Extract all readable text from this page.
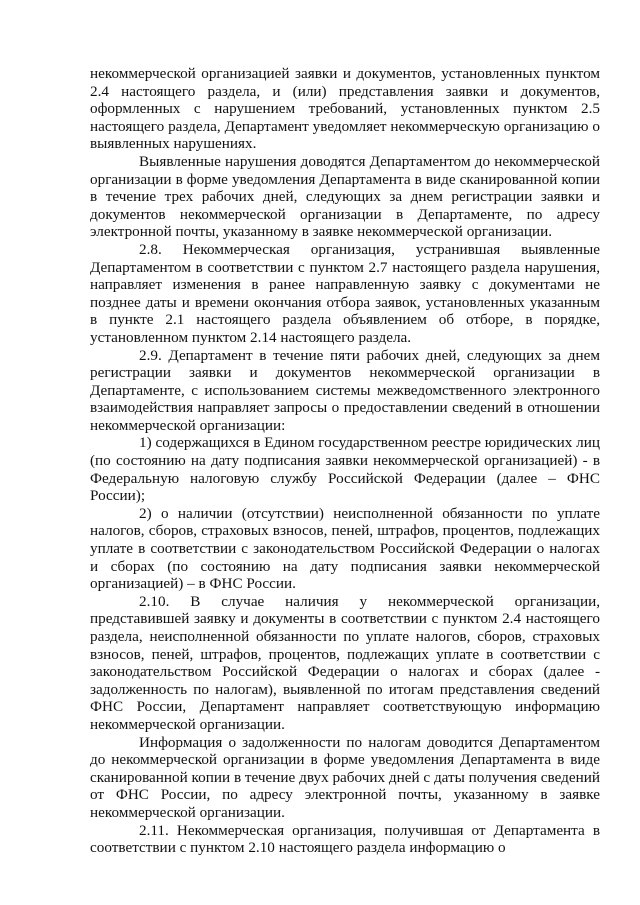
некоммерческой организацией заявки и документов, установленных пунктом 2.4 настоящего раздела, и (или) представления заявки и документов, оформленных с нарушением требований, установленных пунктом 2.5 настоящего раздела, Департамент уведомляет некоммерческую организацию о выявленных нарушениях.

Выявленные нарушения доводятся Департаментом до некоммерческой организации в форме уведомления Департамента в виде сканированной копии в течение трех рабочих дней, следующих за днем регистрации заявки и документов некоммерческой организации в Департаменте, по адресу электронной почты, указанному в заявке некоммерческой организации.

2.8. Некоммерческая организация, устранившая выявленные Департаментом в соответствии с пунктом 2.7 настоящего раздела нарушения, направляет изменения в ранее направленную заявку с документами не позднее даты и времени окончания отбора заявок, установленных указанным в пункте 2.1 настоящего раздела объявлением об отборе, в порядке, установленном пунктом 2.14 настоящего раздела.

2.9. Департамент в течение пяти рабочих дней, следующих за днем регистрации заявки и документов некоммерческой организации в Департаменте, с использованием системы межведомственного электронного взаимодействия направляет запросы о предоставлении сведений в отношении некоммерческой организации:

1) содержащихся в Едином государственном реестре юридических лиц (по состоянию на дату подписания заявки некоммерческой организацией) - в Федеральную налоговую службу Российской Федерации (далее – ФНС России);

2) о наличии (отсутствии) неисполненной обязанности по уплате налогов, сборов, страховых взносов, пеней, штрафов, процентов, подлежащих уплате в соответствии с законодательством Российской Федерации о налогах и сборах (по состоянию на дату подписания заявки некоммерческой организацией) – в ФНС России.

2.10. В случае наличия у некоммерческой организации, представившей заявку и документы в соответствии с пунктом 2.4 настоящего раздела, неисполненной обязанности по уплате налогов, сборов, страховых взносов, пеней, штрафов, процентов, подлежащих уплате в соответствии с законодательством Российской Федерации о налогах и сборах (далее - задолженность по налогам), выявленной по итогам представления сведений ФНС России, Департамент направляет соответствующую информацию некоммерческой организации.

Информация о задолженности по налогам доводится Департаментом до некоммерческой организации в форме уведомления Департамента в виде сканированной копии в течение двух рабочих дней с даты получения сведений от ФНС России, по адресу электронной почты, указанному в заявке некоммерческой организации.

2.11. Некоммерческая организация, получившая от Департамента в соответствии с пунктом 2.10 настоящего раздела информацию о
